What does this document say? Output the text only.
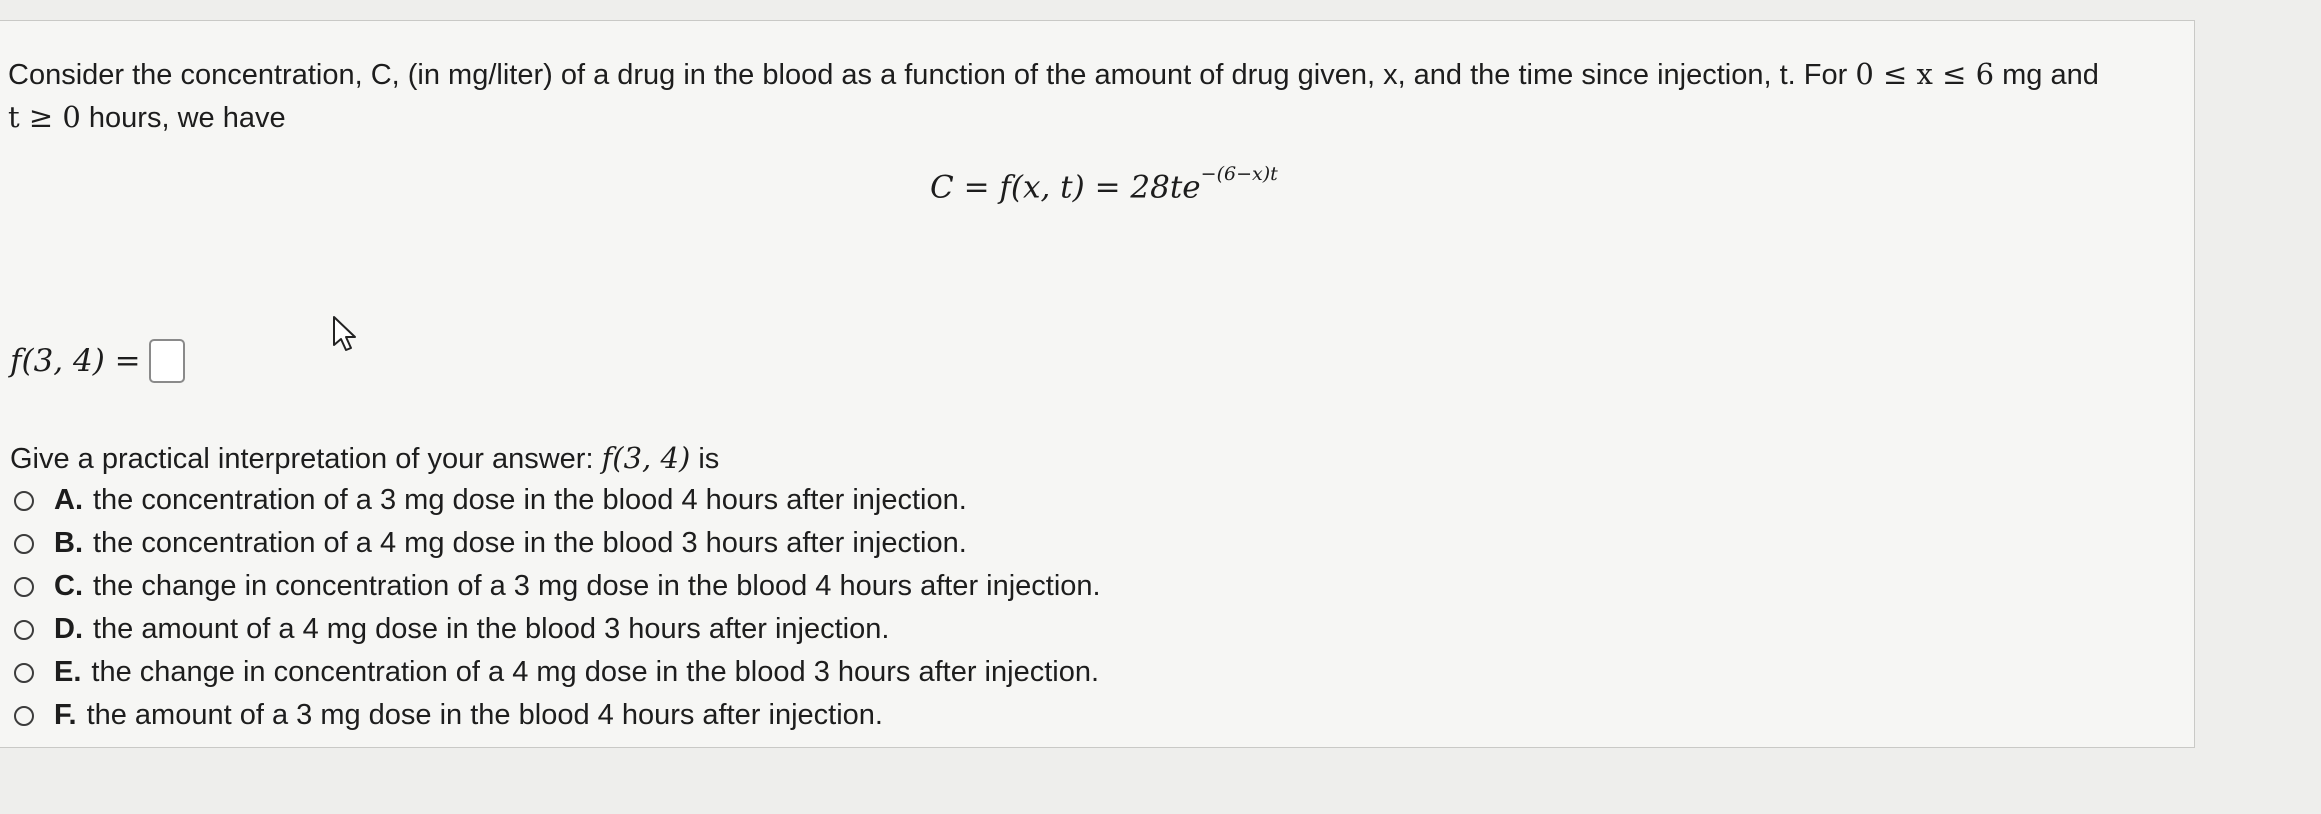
Consider the concentration, C, (in mg/liter) of a drug in the blood as a function of the amount of drug given, x, and the time since injection, t. For 0 ≤ x ≤ 6 mg and
t ≥ 0 hours, we have
C = f(x, $t) = 28te^{-(6-x)t}$
f(3, 4) =
Give a practical interpretation of your answer: f(3, 4) is
A. the concentration of a 3 mg dose in the blood 4 hours after injection.
B. the concentration of a 4 mg dose in the blood 3 hours after injection.
C. the change in concentration of a 3 mg dose in the blood 4 hours after injection.
D. the amount of a 4 mg dose in the blood 3 hours after injection.
E. the change in concentration of a 4 mg dose in the blood 3 hours after injection.
F. the amount of a 3 mg dose in the blood 4 hours after injection.
